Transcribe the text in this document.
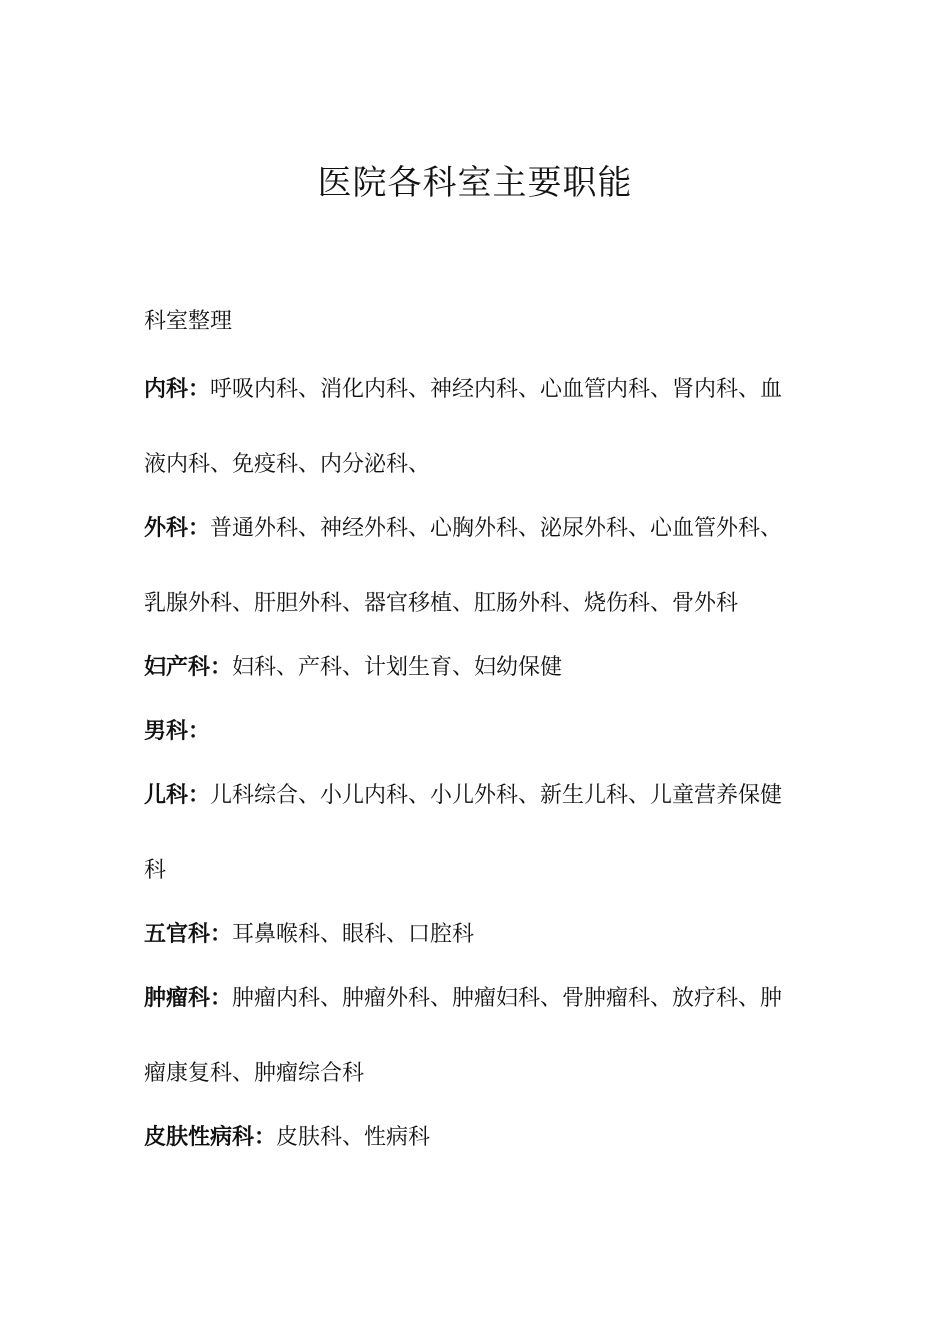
医院各科室主要职能

科室整理

内科：呼吸内科、消化内科、神经内科、心血管内科、肾内科、血液内科、免疫科、内分泌科、

外科：普通外科、神经外科、心胸外科、泌尿外科、心血管外科、乳腺外科、肝胆外科、器官移植、肛肠外科、烧伤科、骨外科

妇产科：妇科、产科、计划生育、妇幼保健

男科：

儿科：儿科综合、小儿内科、小儿外科、新生儿科、儿童营养保健科

五官科：耳鼻喉科、眼科、口腔科

肿瘤科：肿瘤内科、肿瘤外科、肿瘤妇科、骨肿瘤科、放疗科、肿瘤康复科、肿瘤综合科

皮肤性病科：皮肤科、性病科
